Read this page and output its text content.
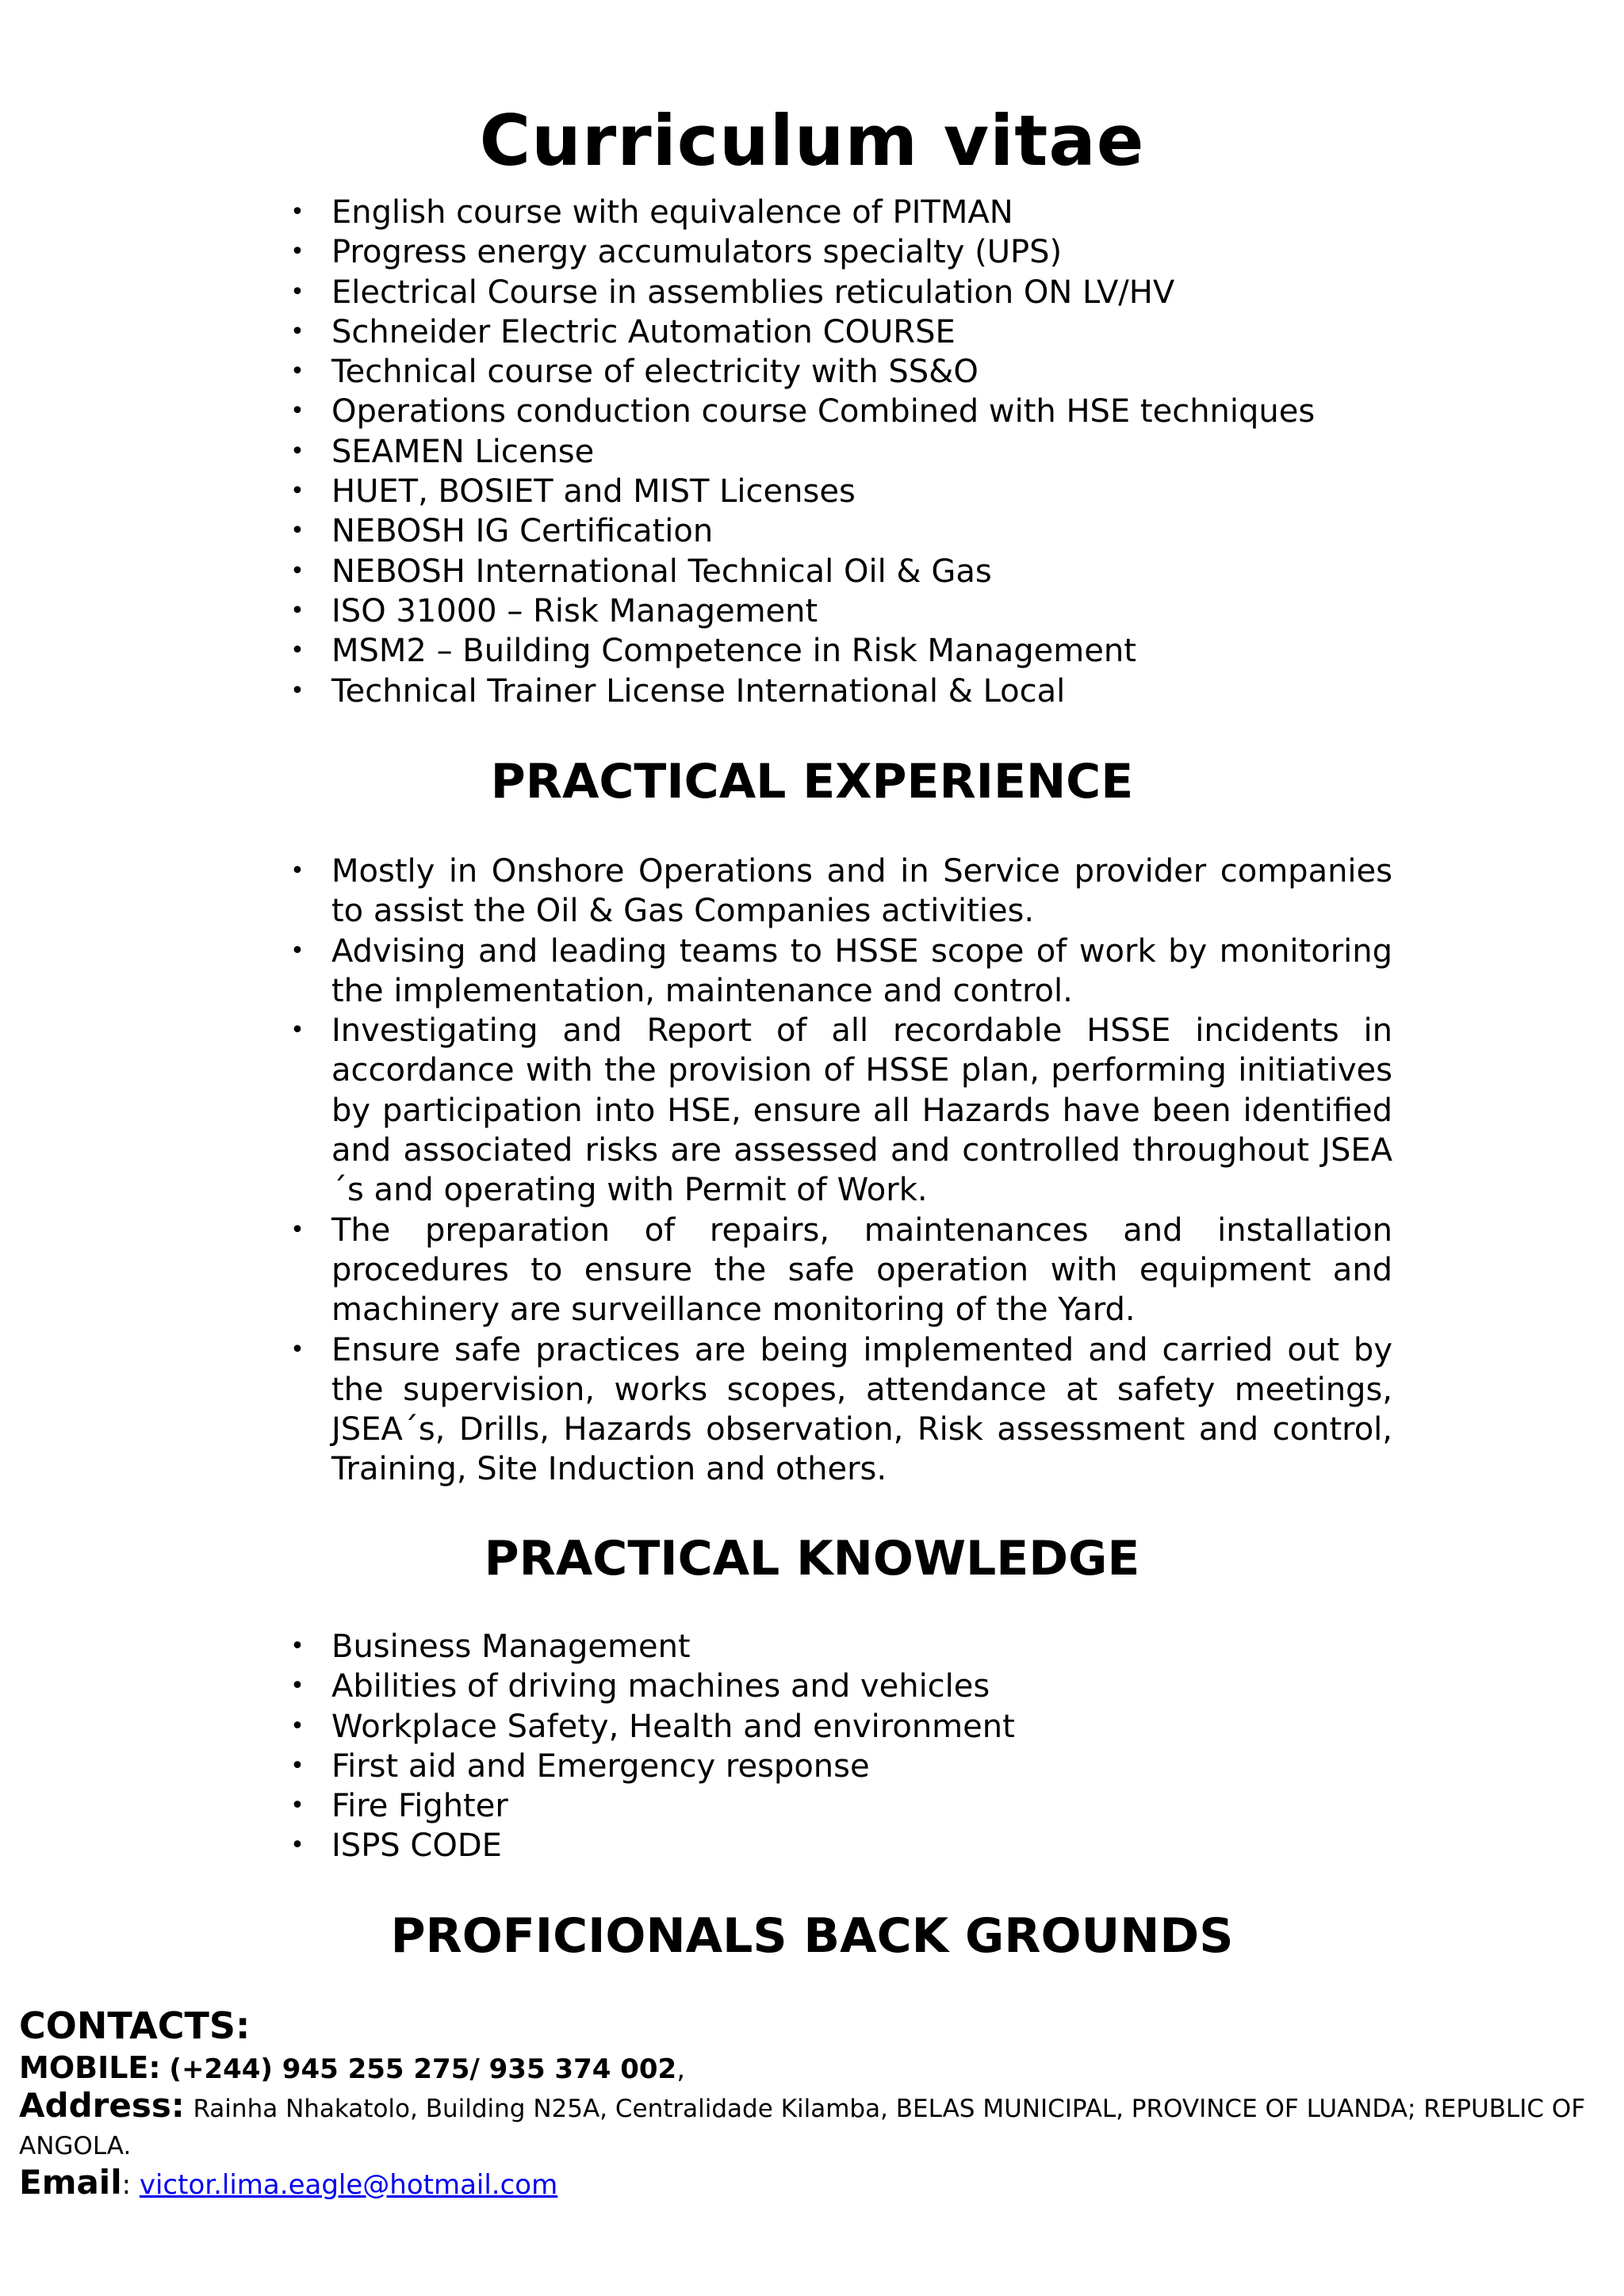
Curriculum vitae
• English course with equivalence of PITMAN
• Progress energy accumulators specialty (UPS)
• Electrical Course in assemblies reticulation ON LV/HV
• Schneider Electric Automation COURSE
• Technical course of electricity with SS&O
• Operations conduction course Combined with HSE techniques
• SEAMEN License
• HUET, BOSIET and MIST Licenses
• NEBOSH IG Certification
• NEBOSH International Technical Oil & Gas
• ISO 31000 – Risk Management
• MSM2 – Building Competence in Risk Management
• Technical Trainer License International & Local
PRACTICAL EXPERIENCE
• Mostly in Onshore Operations and in Service provider companies to assist the Oil & Gas Companies activities.
• Advising and leading teams to HSSE scope of work by monitoring the implementation, maintenance and control.
• Investigating and Report of all recordable HSSE incidents in accordance with the provision of HSSE plan, performing initiatives by participation into HSE, ensure all Hazards have been identified and associated risks are assessed and controlled throughout JSEA´s and operating with Permit of Work.
• The preparation of repairs, maintenances and installation procedures to ensure the safe operation with equipment and machinery are surveillance monitoring of the Yard.
• Ensure safe practices are being implemented and carried out by the supervision, works scopes, attendance at safety meetings, JSEA´s, Drills, Hazards observation, Risk assessment and control, Training, Site Induction and others.
PRACTICAL KNOWLEDGE
• Business Management
• Abilities of driving machines and vehicles
• Workplace Safety, Health and environment
• First aid and Emergency response
• Fire Fighter
• ISPS CODE
PROFICIONALS BACK GROUNDS
CONTACTS:
MOBILE: (+244) 945 255 275/ 935 374 002,
Address: Rainha Nhakatolo, Building N25A, Centralidade Kilamba, BELAS MUNICIPAL, PROVINCE OF LUANDA; REPUBLIC OF ANGOLA.
Email: victor.lima.eagle@hotmail.com
